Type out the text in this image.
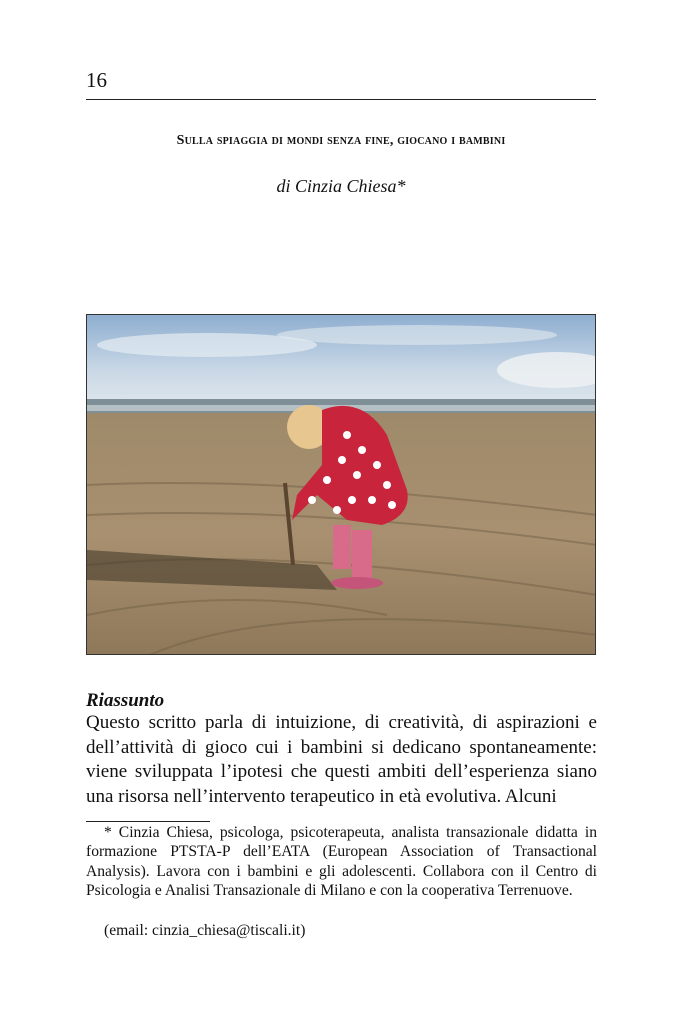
16
Sulla spiaggia di mondi senza fine, giocano i bambini
di Cinzia Chiesa*
Riassunto

Questo scritto parla di intuizione, di creatività, di aspirazioni e dell’attività di gioco cui i bambini si dedicano spontaneamente: viene sviluppata l’ipotesi che questi ambiti dell’esperienza siano una risorsa nell’intervento terapeutico in età evolutiva. Alcuni

* Cinzia Chiesa, psicologa, psicoterapeuta, analista transazionale didatta in formazione PTSTA-P dell’EATA (European Association of Transactional Analysis). Lavora con i bambini e gli adolescenti. Collabora con il Centro di Psicologia e Analisi Transazionale di Milano e con la cooperativa Terrenuove.

(email: cinzia_chiesa@tiscali.it)
